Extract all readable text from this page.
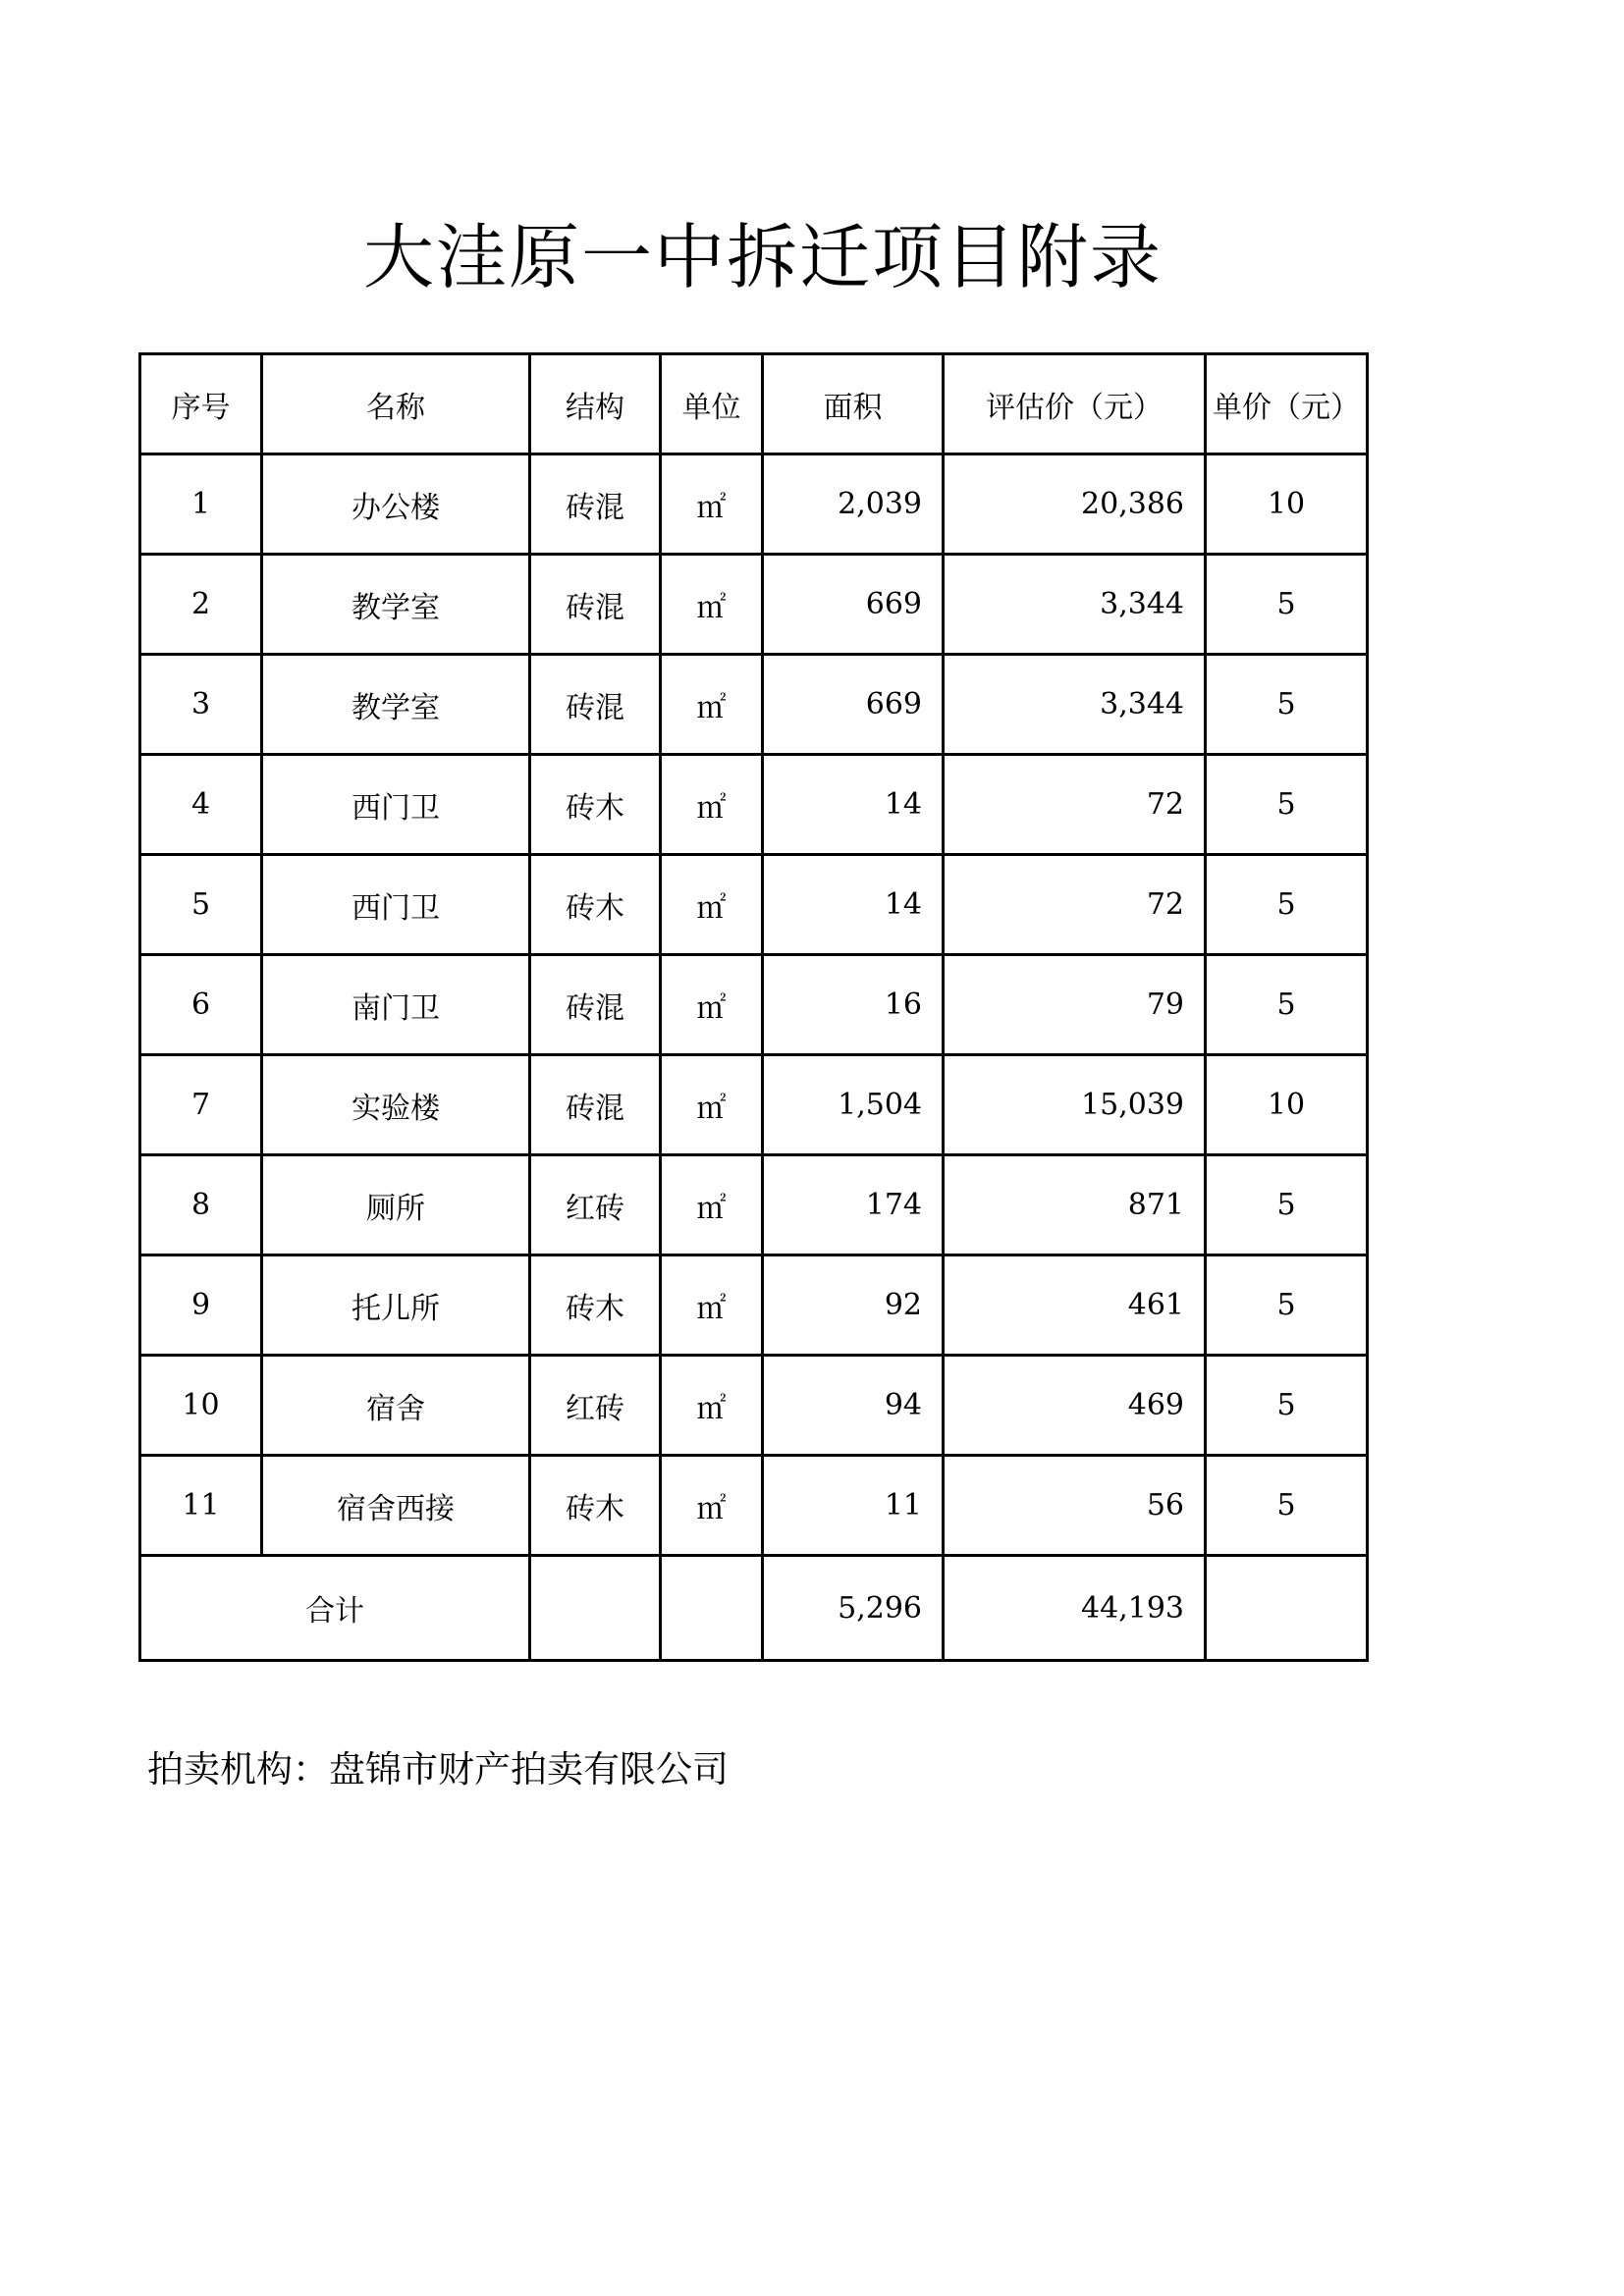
大洼原一中拆迁项目附录
序号	名称	结构	单位	面积	评估价（元）	单价（元）
1	办公楼	砖混	㎡	2,039	20,386	10
2	教学室	砖混	㎡	669	3,344	5
3	教学室	砖混	㎡	669	3,344	5
4	西门卫	砖木	㎡	14	72	5
5	西门卫	砖木	㎡	14	72	5
6	南门卫	砖混	㎡	16	79	5
7	实验楼	砖混	㎡	1,504	15,039	10
8	厕所	红砖	㎡	174	871	5
9	托儿所	砖木	㎡	92	461	5
10	宿舍	红砖	㎡	94	469	5
11	宿舍西接	砖木	㎡	11	56	5
合计				5,296	44,193	
拍卖机构：盘锦市财产拍卖有限公司
